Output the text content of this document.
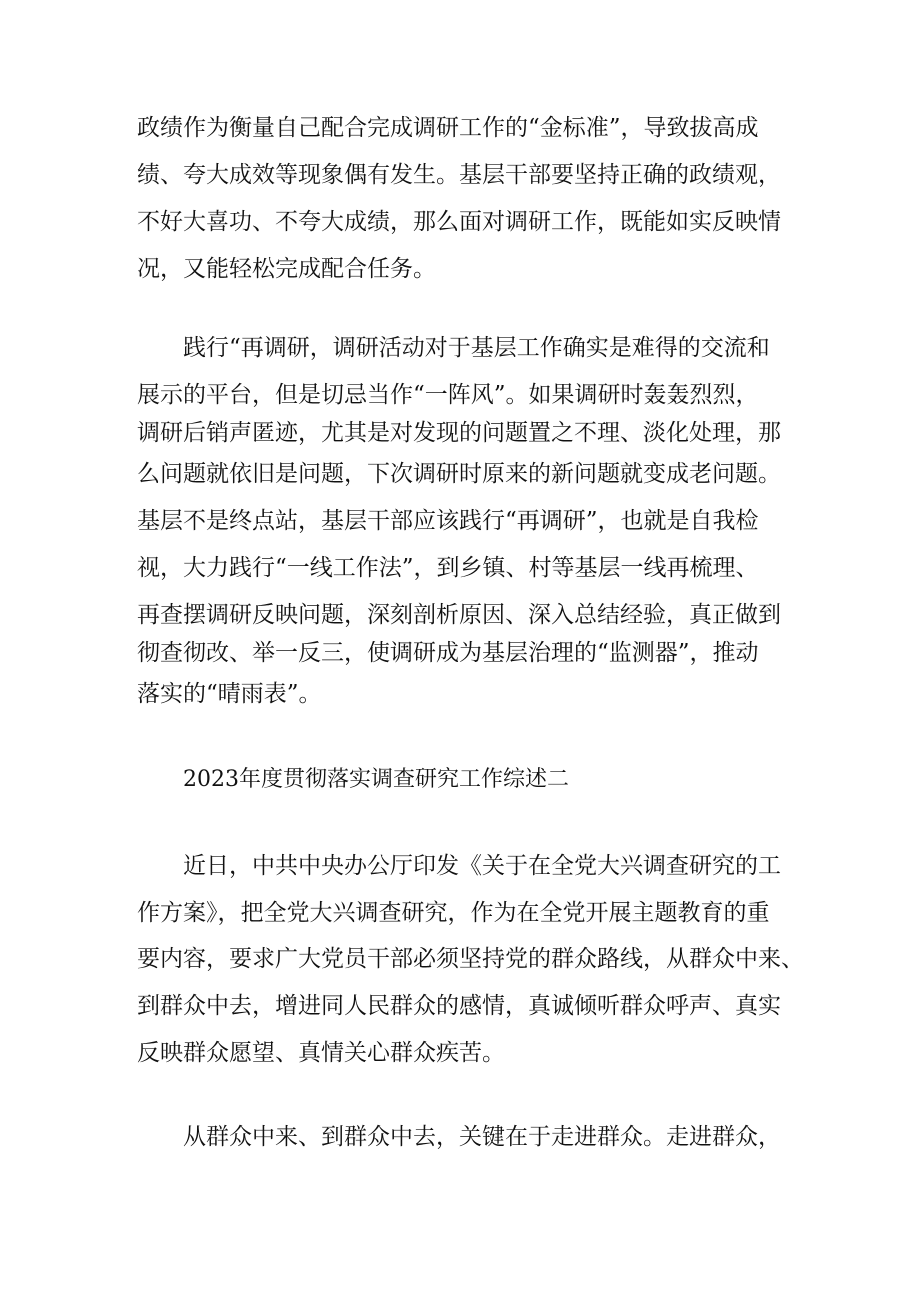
政绩作为衡量自己配合完成调研工作的“金标准”，导致拔高成
绩、夸大成效等现象偶有发生。基层干部要坚持正确的政绩观，
不好大喜功、不夸大成绩，那么面对调研工作，既能如实反映情
况，又能轻松完成配合任务。
践行“再调研，调研活动对于基层工作确实是难得的交流和
展示的平台，但是切忌当作“一阵风”。如果调研时轰轰烈烈，
调研后销声匿迹，尤其是对发现的问题置之不理、淡化处理，那
么问题就依旧是问题，下次调研时原来的新问题就变成老问题。
基层不是终点站，基层干部应该践行“再调研”，也就是自我检
视，大力践行“一线工作法”，到乡镇、村等基层一线再梳理、
再查摆调研反映问题，深刻剖析原因、深入总结经验，真正做到
彻查彻改、举一反三，使调研成为基层治理的“监测器”，推动
落实的“晴雨表”。
2023年度贯彻落实调查研究工作综述二
近日，中共中央办公厅印发《关于在全党大兴调查研究的工
作方案》，把全党大兴调查研究，作为在全党开展主题教育的重
要内容，要求广大党员干部必须坚持党的群众路线，从群众中来、
到群众中去，增进同人民群众的感情，真诚倾听群众呼声、真实
反映群众愿望、真情关心群众疾苦。
从群众中来、到群众中去，关键在于走进群众。走进群众，
